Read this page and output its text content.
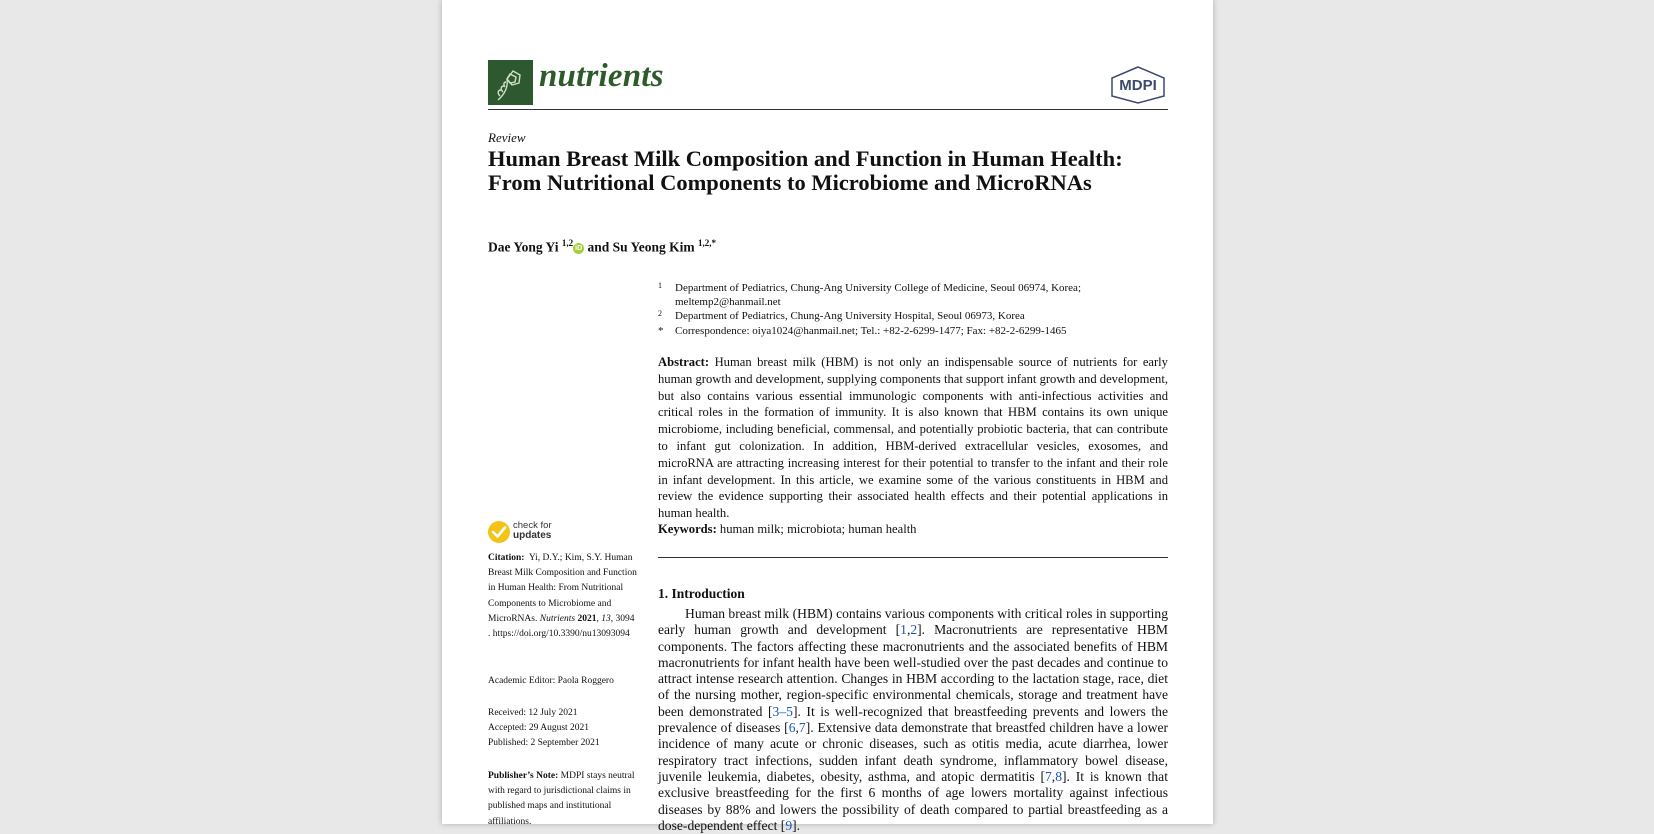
nutrients	MDPI
Review
Human Breast Milk Composition and Function in Human Health: From Nutritional Components to Microbiome and MicroRNAs
Dae Yong Yi $^{1,2}$ iD and Su Yeong Kim $^{1,2,*}$
1 Department of Pediatrics, Chung-Ang University College of Medicine, Seoul 06974, Korea; meltemp2@hanmail.net
2 Department of Pediatrics, Chung-Ang University Hospital, Seoul 06973, Korea
* Correspondence: oiya1024@hanmail.net; Tel.: +82-2-6299-1477; Fax: +82-2-6299-1465
Abstract: Human breast milk (HBM) is not only an indispensable source of nutrients for early human growth and development, supplying components that support infant growth and development, but also contains various essential immunologic components with anti-infectious activities and critical roles in the formation of immunity. It is also known that HBM contains its own unique microbiome, including beneficial, commensal, and potentially probiotic bacteria, that can contribute to infant gut colonization. In addition, HBM-derived extracellular vesicles, exosomes, and microRNA are attracting increasing interest for their potential to transfer to the infant and their role in infant development. In this article, we examine some of the various constituents in HBM and review the evidence supporting their associated health effects and their potential applications in human health.
Keywords: human milk; microbiota; human health
1. Introduction
Human breast milk (HBM) contains various components with critical roles in supporting early human growth and development [1,2]. Macronutrients are representative HBM components. The factors affecting these macronutrients and the associated benefits of HBM macronutrients for infant health have been well-studied over the past decades and continue to attract intense research attention. Changes in HBM according to the lactation stage, race, diet of the nursing mother, region-specific environmental chemicals, storage and treatment have been demonstrated [3–5]. It is well-recognized that breastfeeding prevents and lowers the prevalence of diseases [6,7]. Extensive data demonstrate that breastfed children have a lower incidence of many acute or chronic diseases, such as otitis media, acute diarrhea, lower respiratory tract infections, sudden infant death syndrome, inflammatory bowel disease, juvenile leukemia, diabetes, obesity, asthma, and atopic dermatitis [7,8]. It is known that exclusive breastfeeding for the first 6 months of age lowers mortality against infectious diseases by 88% and lowers the possibility of death compared to partial breastfeeding as a dose-dependent effect [9].
check for
updates
Citation: Yi, D.Y.; Kim, S.Y. Human Breast Milk Composition and Function in Human Health: From Nutritional Components to Microbiome and MicroRNAs. Nutrients 2021, 13, 3094 . https://doi.org/10.3390/nu13093094
Academic Editor: Paola Roggero
Received: 12 July 2021
Accepted: 29 August 2021
Published: 2 September 2021
Publisher’s Note: MDPI stays neutral with regard to jurisdictional claims in published maps and institutional affiliations.
